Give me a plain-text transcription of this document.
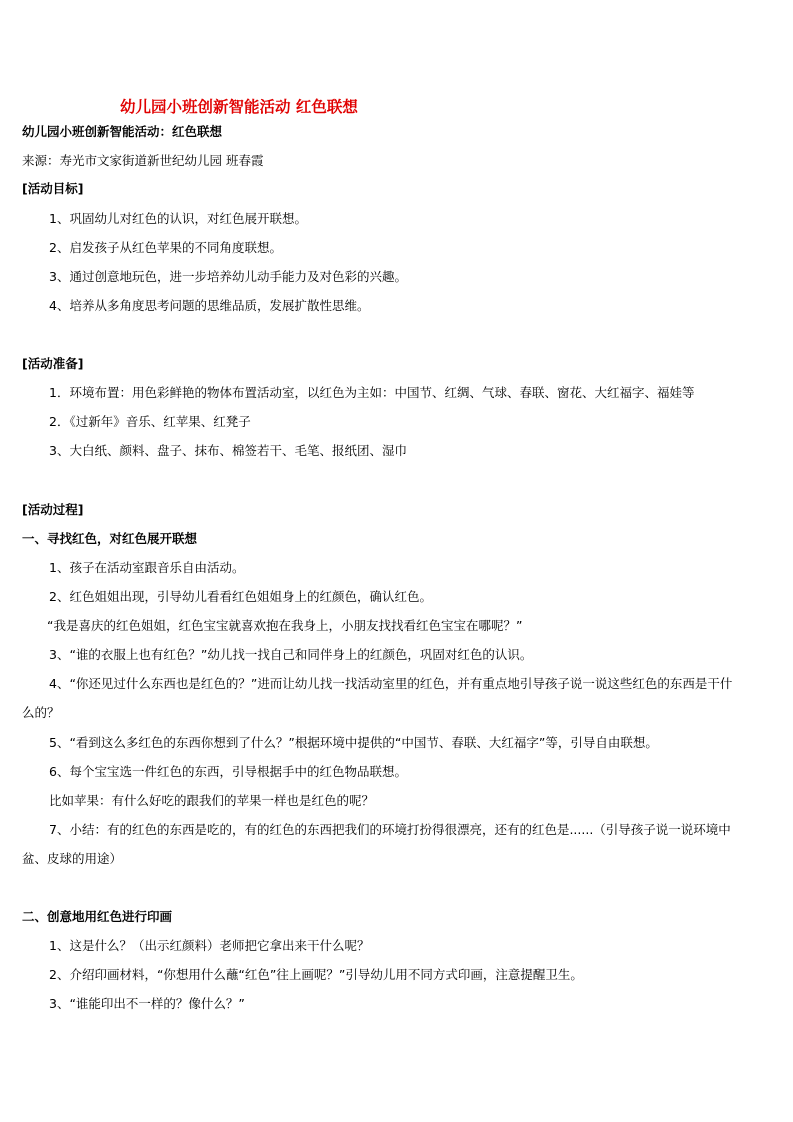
幼儿园小班创新智能活动 红色联想
幼儿园小班创新智能活动：红色联想
来源：寿光市文家街道新世纪幼儿园 班春霞
[活动目标]
1、巩固幼儿对红色的认识，对红色展开联想。
2、启发孩子从红色苹果的不同角度联想。
3、通过创意地玩色，进一步培养幼儿动手能力及对色彩的兴趣。
4、培养从多角度思考问题的思维品质，发展扩散性思维。
[活动准备]
1．环境布置：用色彩鲜艳的物体布置活动室，以红色为主如：中国节、红绸、气球、春联、窗花、大红福字、福娃等
2．《过新年》音乐、红苹果、红凳子
3、大白纸、颜料、盘子、抹布、棉签若干、毛笔、报纸团、湿巾
[活动过程]
一、寻找红色，对红色展开联想
1、孩子在活动室跟音乐自由活动。
2、红色姐姐出现，引导幼儿看看红色姐姐身上的红颜色，确认红色。
“我是喜庆的红色姐姐，红色宝宝就喜欢抱在我身上，小朋友找找看红色宝宝在哪呢？”
3、“谁的衣服上也有红色？”幼儿找一找自己和同伴身上的红颜色，巩固对红色的认识。
4、“你还见过什么东西也是红色的？”进而让幼儿找一找活动室里的红色，并有重点地引导孩子说一说这些红色的东西是干什
么的？
5、“看到这么多红色的东西你想到了什么？”根据环境中提供的“中国节、春联、大红福字”等，引导自由联想。
6、每个宝宝选一件红色的东西，引导根据手中的红色物品联想。
比如苹果：有什么好吃的跟我们的苹果一样也是红色的呢？
7、小结：有的红色的东西是吃的，有的红色的东西把我们的环境打扮得很漂亮，还有的红色是......（引导孩子说一说环境中
盆、皮球的用途）
二、创意地用红色进行印画
1、这是什么？（出示红颜料）老师把它拿出来干什么呢？
2、介绍印画材料，“你想用什么蘸“红色”往上画呢？”引导幼儿用不同方式印画，注意提醒卫生。
3、“谁能印出不一样的？像什么？”
